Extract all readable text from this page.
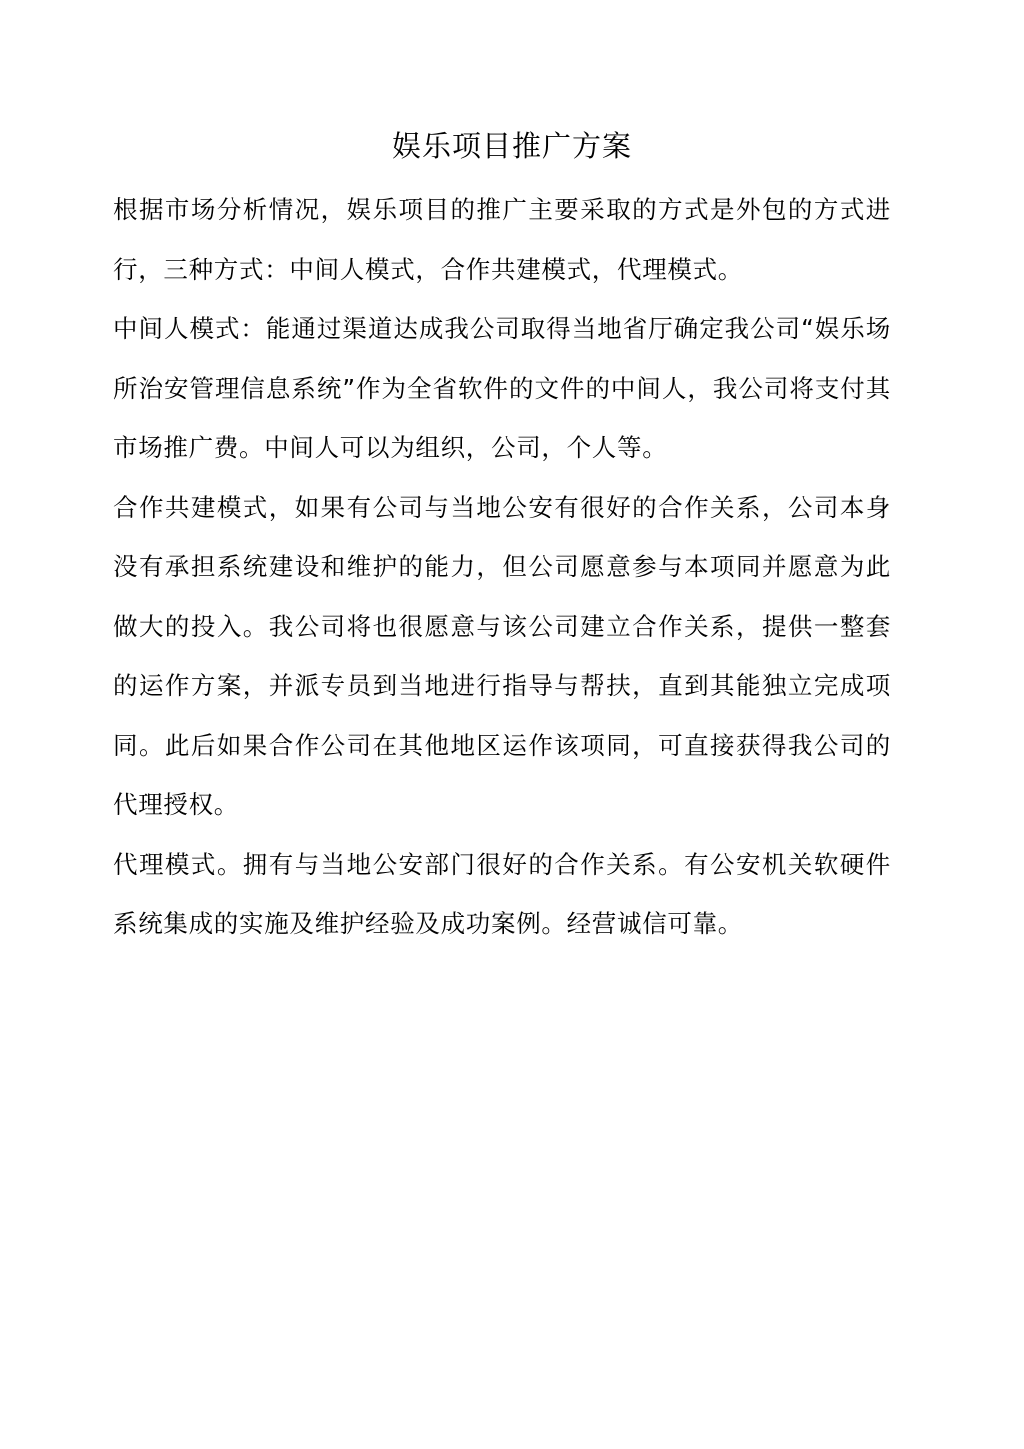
娱乐项目推广方案

根据市场分析情况，娱乐项目的推广主要采取的方式是外包的方式进行，三种方式：中间人模式，合作共建模式，代理模式。

中间人模式：能通过渠道达成我公司取得当地省厅确定我公司“娱乐场所治安管理信息系统”作为全省软件的文件的中间人，我公司将支付其市场推广费。中间人可以为组织，公司，个人等。

合作共建模式，如果有公司与当地公安有很好的合作关系，公司本身没有承担系统建设和维护的能力，但公司愿意参与本项同并愿意为此做大的投入。我公司将也很愿意与该公司建立合作关系，提供一整套的运作方案，并派专员到当地进行指导与帮扶，直到其能独立完成项同。此后如果合作公司在其他地区运作该项同，可直接获得我公司的代理授权。

代理模式。拥有与当地公安部门很好的合作关系。有公安机关软硬件系统集成的实施及维护经验及成功案例。经营诚信可靠。
